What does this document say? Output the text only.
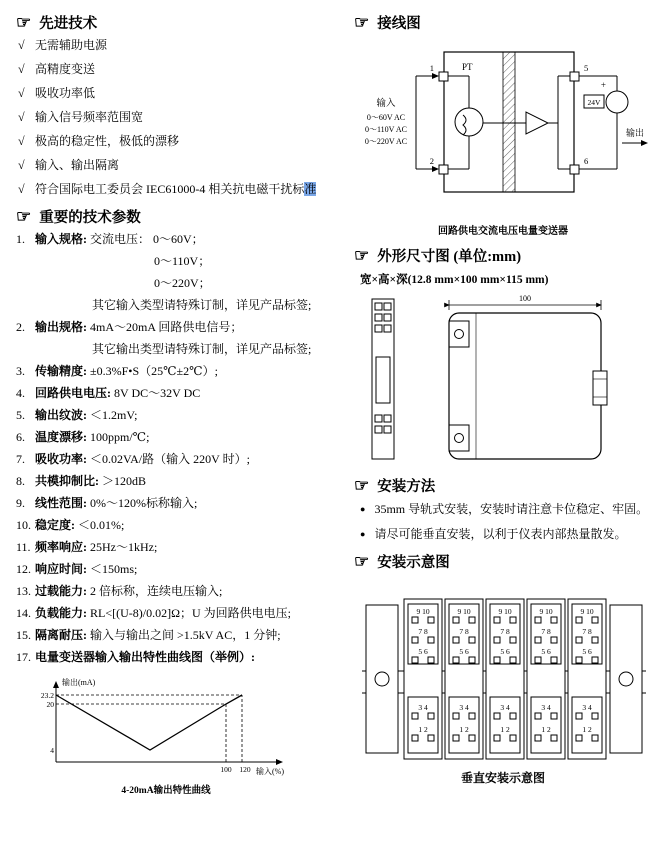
☞ 先进技术
√ 无需辅助电源
√ 高精度变送
√ 吸收功率低
√ 输入信号频率范围宽
√ 极高的稳定性，极低的漂移
√ 输入、输出隔离
√ 符合国际电工委员会 IEC61000-4 相关抗电磁干扰标准
☞ 重要的技术参数
1. 输入规格: 交流电压： 0～60V；
0～110V；
0～220V；
其它输入类型请特殊订制，详见产品标签;
2. 输出规格: 4mA～20mA 回路供电信号；
其它输出类型请特殊订制，详见产品标签;
3. 传输精度: ±0.3%F•S（25℃±2℃）;
4. 回路供电电压: 8V DC～32V DC
5. 输出纹波: ＜1.2mV;
6. 温度漂移: 100ppm/℃;
7. 吸收功率: ＜0.02VA/路（输入 220V 时）;
8. 共模抑制比: ＞120dB
9. 线性范围: 0%～120%标称输入;
10. 稳定度: ＜0.01%;
11. 频率响应: 25Hz～1kHz;
12. 响应时间: ＜150ms;
13. 过载能力: 2 倍标称，连续电压输入;
14. 负载能力: RL<[(U-8)/0.02]Ω；U 为回路供电电压;
15. 隔离耐压: 输入与输出之间 >1.5kV AC，1 分钟;
17. 电量变送器输入输出特性曲线图（举例）:
输出(mA)
输入(%)
23.2
20
4
100 120
4-20mA输出特性曲线
☞ 接线图
输入
0～60V AC
0～110V AC
0～220V AC
1
2
5
6
PT
+
24V
输出
回路供电交流电压电量变送器
☞ 外形尺寸图 (单位:mm)
宽×高×深(12.8 mm×100 mm×115 mm)
100
☞ 安装方法
● 35mm 导轨式安装，安装时请注意卡位稳定、牢固。
● 请尽可能垂直安装，以利于仪表内部热量散发。
☞ 安装示意图
9 10
垂直安装示意图
